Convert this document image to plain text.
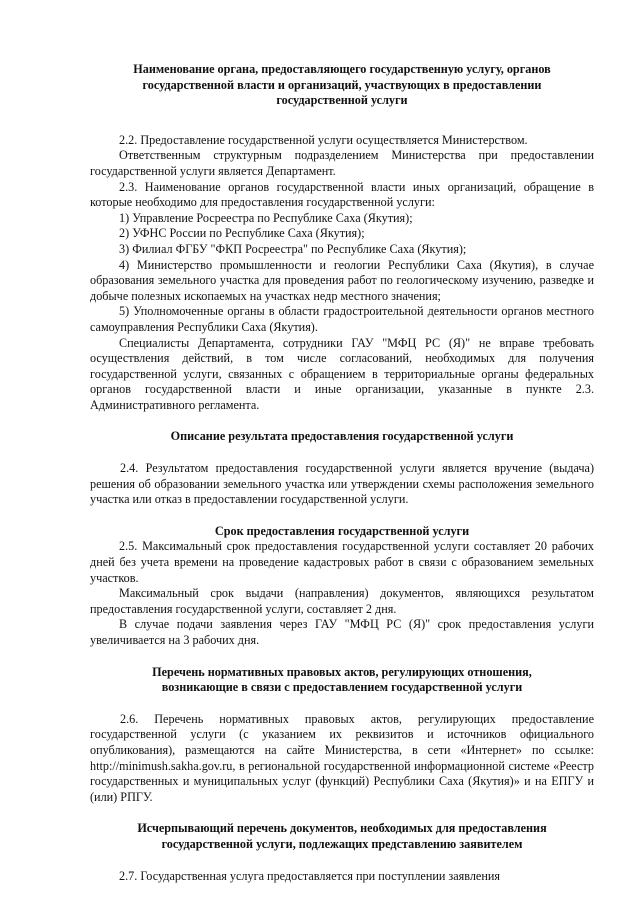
Наименование органа, предоставляющего государственную услугу, органов
государственной власти и организаций, участвующих в предоставлении
государственной услуги

2.2. Предоставление государственной услуги осуществляется Министерством.

Ответственным структурным подразделением Министерства при предоставлении государственной услуги является Департамент.

2.3. Наименование органов государственной власти иных организаций, обращение в которые необходимо для предоставления государственной услуги:

1) Управление Росреестра по Республике Саха (Якутия);

2) УФНС России по Республике Саха (Якутия);

3) Филиал ФГБУ "ФКП Росреестра" по Республике Саха (Якутия);

4) Министерство промышленности и геологии Республики Саха (Якутия), в случае образования земельного участка для проведения работ по геологическому изучению, разведке и добыче полезных ископаемых на участках недр местного значения;

5) Уполномоченные органы в области градостроительной деятельности органов местного самоуправления Республики Саха (Якутия).

Специалисты Департамента, сотрудники ГАУ "МФЦ РС (Я)" не вправе требовать осуществления действий, в том числе согласований, необходимых для получения государственной услуги, связанных с обращением в территориальные органы федеральных органов государственной власти и иные организации, указанные в пункте 2.3. Административного регламента.

Описание результата предоставления государственной услуги

2.4. Результатом предоставления государственной услуги является вручение (выдача) решения об образовании земельного участка или утверждении схемы расположения земельного участка или отказ в предоставлении государственной услуги.

Срок предоставления государственной услуги

2.5. Максимальный срок предоставления государственной услуги составляет 20 рабочих дней без учета времени на проведение кадастровых работ в связи с образованием земельных участков.

Максимальный срок выдачи (направления) документов, являющихся результатом предоставления государственной услуги, составляет 2 дня.

В случае подачи заявления через ГАУ "МФЦ РС (Я)" срок предоставления услуги увеличивается на 3 рабочих дня.

Перечень нормативных правовых актов, регулирующих отношения,
возникающие в связи с предоставлением государственной услуги

2.6. Перечень нормативных правовых актов, регулирующих предоставление государственной услуги (с указанием их реквизитов и источников официального опубликования), размещаются на сайте Министерства, в сети «Интернет» по ссылке: http://minimush.sakha.gov.ru, в региональной государственной информационной системе «Реестр государственных и муниципальных услуг (функций) Республики Саха (Якутия)» и на ЕПГУ и (или) РПГУ.

Исчерпывающий перечень документов, необходимых для предоставления
государственной услуги, подлежащих представлению заявителем

2.7. Государственная услуга предоставляется при поступлении заявления
